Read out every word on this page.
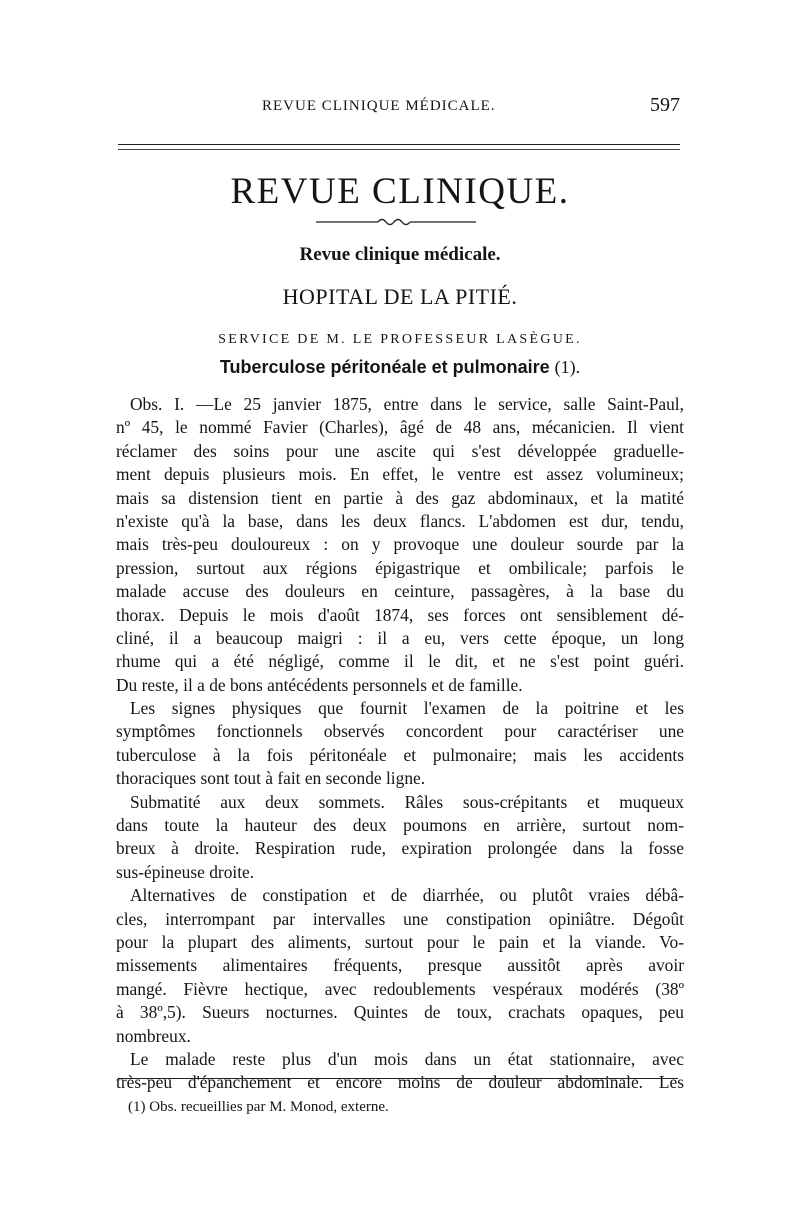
REVUE CLINIQUE MÉDICALE.	597
REVUE CLINIQUE.
Revue clinique médicale.
HOPITAL DE LA PITIÉ.
SERVICE DE M. LE PROFESSEUR LASÈGUE.
Tuberculose péritonéale et pulmonaire (1).
Obs. I. —Le 25 janvier 1875, entre dans le service, salle Saint-Paul,
nº 45, le nommé Favier (Charles), âgé de 48 ans, mécanicien. Il vient
réclamer des soins pour une ascite qui s'est développée graduelle-
ment depuis plusieurs mois. En effet, le ventre est assez volumineux;
mais sa distension tient en partie à des gaz abdominaux, et la matité
n'existe qu'à la base, dans les deux flancs. L'abdomen est dur, tendu,
mais très-peu douloureux : on y provoque une douleur sourde par la
pression, surtout aux régions épigastrique et ombilicale; parfois le
malade accuse des douleurs en ceinture, passagères, à la base du
thorax. Depuis le mois d'août 1874, ses forces ont sensiblement dé-
cliné, il a beaucoup maigri : il a eu, vers cette époque, un long
rhume qui a été négligé, comme il le dit, et ne s'est point guéri.
Du reste, il a de bons antécédents personnels et de famille.
Les signes physiques que fournit l'examen de la poitrine et les
symptômes fonctionnels observés concordent pour caractériser une
tuberculose à la fois péritonéale et pulmonaire; mais les accidents
thoraciques sont tout à fait en seconde ligne.
Submatité aux deux sommets. Râles sous-crépitants et muqueux
dans toute la hauteur des deux poumons en arrière, surtout nom-
breux à droite. Respiration rude, expiration prolongée dans la fosse
sus-épineuse droite.
Alternatives de constipation et de diarrhée, ou plutôt vraies débâ-
cles, interrompant par intervalles une constipation opiniâtre. Dégoût
pour la plupart des aliments, surtout pour le pain et la viande. Vo-
missements alimentaires fréquents, presque aussitôt après avoir
mangé. Fièvre hectique, avec redoublements vespéraux modérés (38º
à 38º,5). Sueurs nocturnes. Quintes de toux, crachats opaques, peu
nombreux.
Le malade reste plus d'un mois dans un état stationnaire, avec
très-peu d'épanchement et encore moins de douleur abdominale. Les
(1) Obs. recueillies par M. Monod, externe.
